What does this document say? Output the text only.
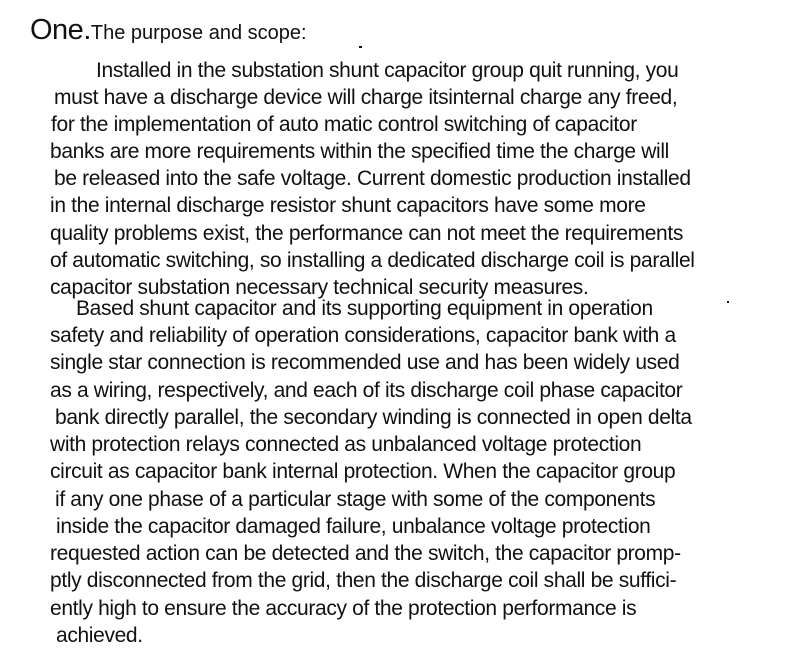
One.The purpose and scope:
Installed in the substation shunt capacitor group quit running, you
must have a discharge device will charge itsinternal charge any freed,
for the implementation of auto matic control switching of capacitor
banks are more requirements within the specified time the charge will
be released into the safe voltage. Current domestic production installed
in the internal discharge resistor shunt capacitors have some more
quality problems exist, the performance can not meet the requirements
of automatic switching, so installing a dedicated discharge coil is parallel
capacitor substation necessary technical security measures.
Based shunt capacitor and its supporting equipment in operation
safety and reliability of operation considerations, capacitor bank with a
single star connection is recommended use and has been widely used
as a wiring, respectively, and each of its discharge coil phase capacitor
bank directly parallel, the secondary winding is connected in open delta
with protection relays connected as unbalanced voltage protection
circuit as capacitor bank internal protection. When the capacitor group
if any one phase of a particular stage with some of the components
inside the capacitor damaged failure, unbalance voltage protection
requested action can be detected and the switch, the capacitor promp-
ptly disconnected from the grid, then the discharge coil shall be suffici-
ently high to ensure the accuracy of the protection performance is
achieved.
